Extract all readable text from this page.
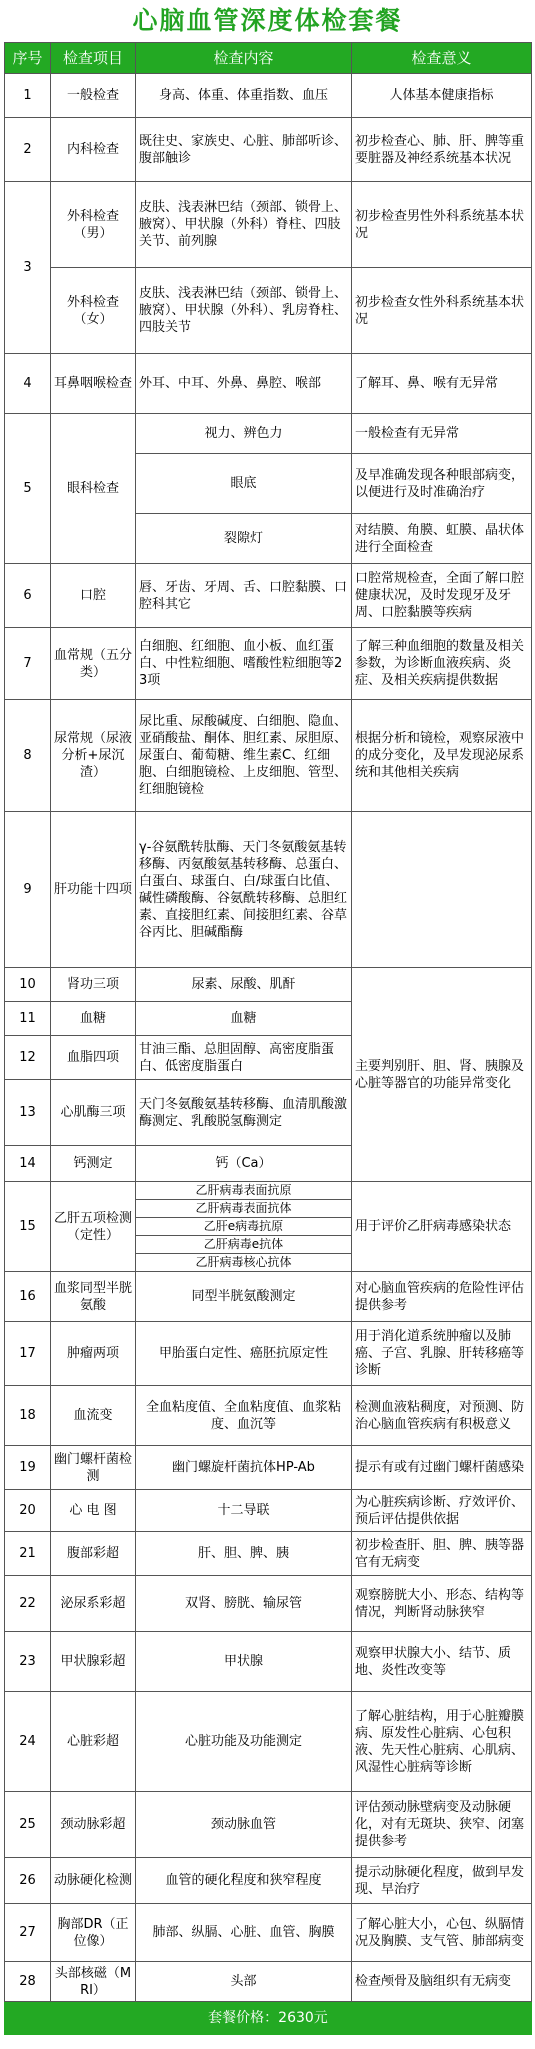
心脑血管深度体检套餐
序号	检查项目	检查内容	检查意义
1	一般检查	身高、体重、体重指数、血压	人体基本健康指标
2	内科检查	既往史、家族史、心脏、肺部听诊、腹部触诊	初步检查心、肺、肝、脾等重要脏器及神经系统基本状况
3	外科检查（男）	皮肤、浅表淋巴结（颈部、锁骨上、腋窝）、甲状腺（外科）脊柱、四肢关节、前列腺	初步检查男性外科系统基本状况
	外科检查（女）	皮肤、浅表淋巴结（颈部、锁骨上、腋窝）、甲状腺（外科）、乳房脊柱、四肢关节	初步检查女性外科系统基本状况
4	耳鼻咽喉检查	外耳、中耳、外鼻、鼻腔、喉部	了解耳、鼻、喉有无异常
5	眼科检查	视力、辨色力	一般检查有无异常
		眼底	及早准确发现各种眼部病变，以便进行及时准确治疗
		裂隙灯	对结膜、角膜、虹膜、晶状体进行全面检查
6	口腔	唇、牙齿、牙周、舌、口腔黏膜、口腔科其它	口腔常规检查，全面了解口腔健康状况，及时发现牙及牙周、口腔黏膜等疾病
7	血常规（五分类）	白细胞、红细胞、血小板、血红蛋白、中性粒细胞、嗜酸性粒细胞等23项	了解三种血细胞的数量及相关参数，为诊断血液疾病、炎症、及相关疾病提供数据
8	尿常规（尿液分析+尿沉渣）	尿比重、尿酸碱度、白细胞、隐血、亚硝酸盐、酮体、胆红素、尿胆原、尿蛋白、葡萄糖、维生素C、红细胞、白细胞镜检、上皮细胞、管型、红细胞镜检	根据分析和镜检，观察尿液中的成分变化，及早发现泌尿系统和其他相关疾病
9	肝功能十四项	γ-谷氨酰转肽酶、天门冬氨酸氨基转移酶、丙氨酸氨基转移酶、总蛋白、白蛋白、球蛋白、白/球蛋白比值、碱性磷酸酶、谷氨酰转移酶、总胆红素、直接胆红素、间接胆红素、谷草谷丙比、胆碱酯酶	
10	肾功三项	尿素、尿酸、肌酐	主要判别肝、胆、肾、胰腺及心脏等器官的功能异常变化
11	血糖	血糖	
12	血脂四项	甘油三酯、总胆固醇、高密度脂蛋白、低密度脂蛋白	
13	心肌酶三项	天门冬氨酸氨基转移酶、血清肌酸激酶测定、乳酸脱氢酶测定	
14	钙测定	钙（Ca）	
15	乙肝五项检测（定性）	乙肝病毒表面抗原
乙肝病毒表面抗体
乙肝e病毒抗原
乙肝病毒e抗体
乙肝病毒核心抗体	用于评价乙肝病毒感染状态
16	血浆同型半胱氨酸	同型半胱氨酸测定	对心脑血管疾病的危险性评估提供参考
17	肿瘤两项	甲胎蛋白定性、癌胚抗原定性	用于消化道系统肿瘤以及肺癌、子宫、乳腺、肝转移癌等诊断
18	血流变	全血粘度值、全血粘度值、血浆粘度、血沉等	检测血液粘稠度，对预测、防治心脑血管疾病有积极意义
19	幽门螺杆菌检测	幽门螺旋杆菌抗体HP-Ab	提示有或有过幽门螺杆菌感染
20	心 电 图	十二导联	为心脏疾病诊断、疗效评价、预后评估提供依据
21	腹部彩超	肝、胆、脾、胰	初步检查肝、胆、脾、胰等器官有无病变
22	泌尿系彩超	双肾、膀胱、输尿管	观察膀胱大小、形态、结构等情况，判断肾动脉狭窄
23	甲状腺彩超	甲状腺	观察甲状腺大小、结节、质地、炎性改变等
24	心脏彩超	心脏功能及功能测定	了解心脏结构，用于心脏瓣膜病、原发性心脏病、心包积液、先天性心脏病、心肌病、风湿性心脏病等诊断
25	颈动脉彩超	颈动脉血管	评估颈动脉壁病变及动脉硬化，对有无斑块、狭窄、闭塞提供参考
26	动脉硬化检测	血管的硬化程度和狭窄程度	提示动脉硬化程度，做到早发现、早治疗
27	胸部DR（正位像）	肺部、纵膈、心脏、血管、胸膜	了解心脏大小，心包、纵膈情况及胸膜、支气管、肺部病变
28	头部核磁（MRI）	头部	检查颅骨及脑组织有无病变
套餐价格：2630元			
